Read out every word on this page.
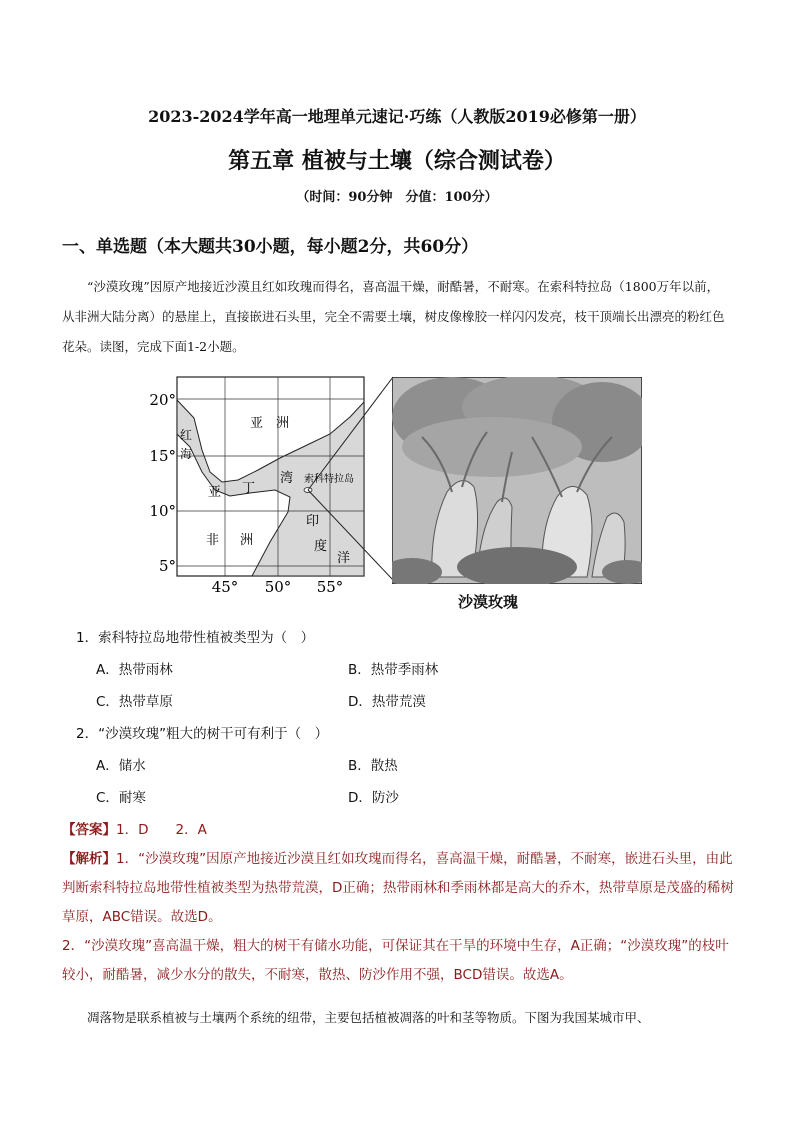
2023-2024学年高一地理单元速记·巧练（人教版2019必修第一册）
第五章 植被与土壤（综合测试卷）
（时间：90分钟　分值：100分）
一、单选题（本大题共30小题，每小题2分，共60分）
“沙漠玫瑰”因原产地接近沙漠且红如玫瑰而得名，喜高温干燥，耐酷暑，不耐寒。在索科特拉岛（1800万年以前，从非洲大陆分离）的悬崖上，直接嵌进石头里，完全不需要土壤，树皮像橡胶一样闪闪发亮，枝干顶端长出漂亮的粉红色花朵。读图，完成下面1-2小题。
20°
15°
10°
5°
45° 50° 55°
亚　洲
红
海
亚 丁
湾
非 洲
索科特拉岛
印
度
洋
沙漠玫瑰
1．索科特拉岛地带性植被类型为（　）
A．热带雨林	B．热带季雨林
C．热带草原	D．热带荒漠
2．“沙漠玫瑰”粗大的树干可有利于（　）
A．储水	B．散热
C．耐寒	D．防沙
【答案】1．D　　2．A
【解析】1．“沙漠玫瑰”因原产地接近沙漠且红如玫瑰而得名，喜高温干燥，耐酷暑，不耐寒，嵌进石头里，由此判断索科特拉岛地带性植被类型为热带荒漠，D正确；热带雨林和季雨林都是高大的乔木，热带草原是茂盛的稀树草原，ABC错误。故选D。
2．“沙漠玫瑰”喜高温干燥，粗大的树干有储水功能，可保证其在干旱的环境中生存，A正确；“沙漠玫瑰”的枝叶较小，耐酷暑，减少水分的散失，不耐寒，散热、防沙作用不强，BCD错误。故选A。
凋落物是联系植被与土壤两个系统的纽带，主要包括植被凋落的叶和茎等物质。下图为我国某城市甲、
